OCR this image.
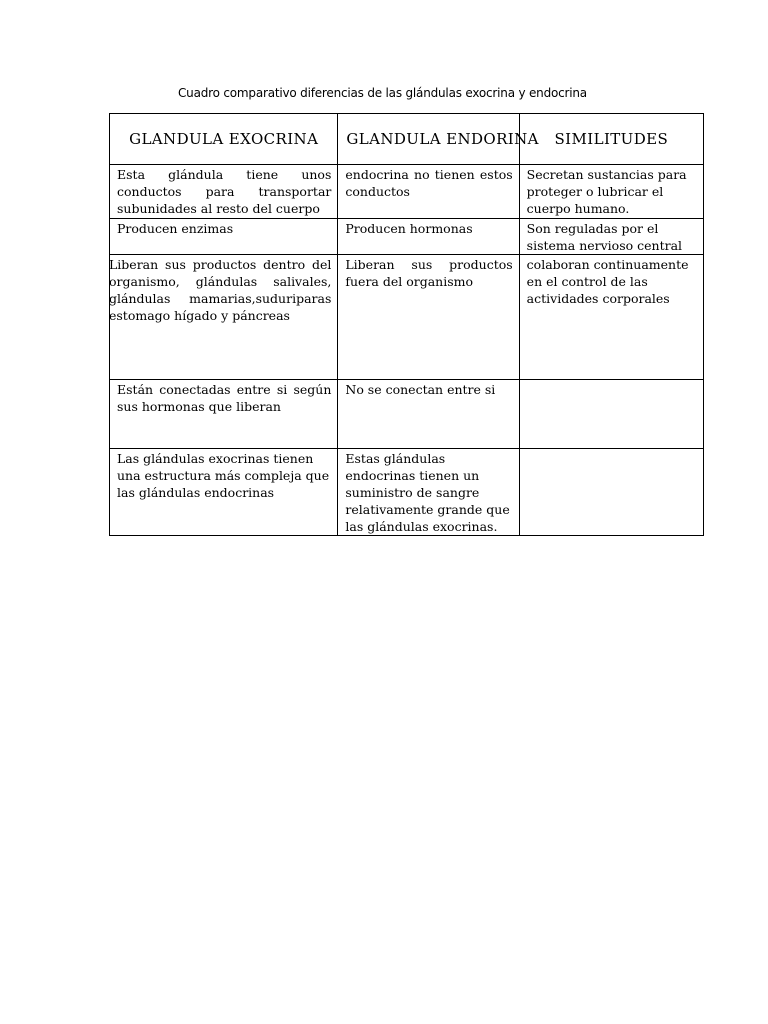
Cuadro comparativo diferencias de las glándulas exocrina y endocrina
GLANDULA EXOCRINA	GLANDULA ENDORINA	SIMILITUDES
Esta glándula tiene unos conductos para transportar subunidades al resto del cuerpo	endocrina no tienen estos conductos	Secretan sustancias para proteger o lubricar el cuerpo humano.
Producen enzimas	Producen hormonas	Son reguladas por el sistema nervioso central

Liberan sus productos dentro del organismo, glándulas salivales, glándulas mamarias,suduriparas estomago hígado y páncreas	Liberan sus productos fuera del organismo	colaboran continuamente en el control de las actividades corporales
Están conectadas entre si según sus hormonas que liberan	No se conectan entre si	
Las glándulas exocrinas tienen una estructura más compleja que las glándulas endocrinas	Estas glándulas endocrinas tienen un suministro de sangre relativamente grande que las glándulas exocrinas.	
